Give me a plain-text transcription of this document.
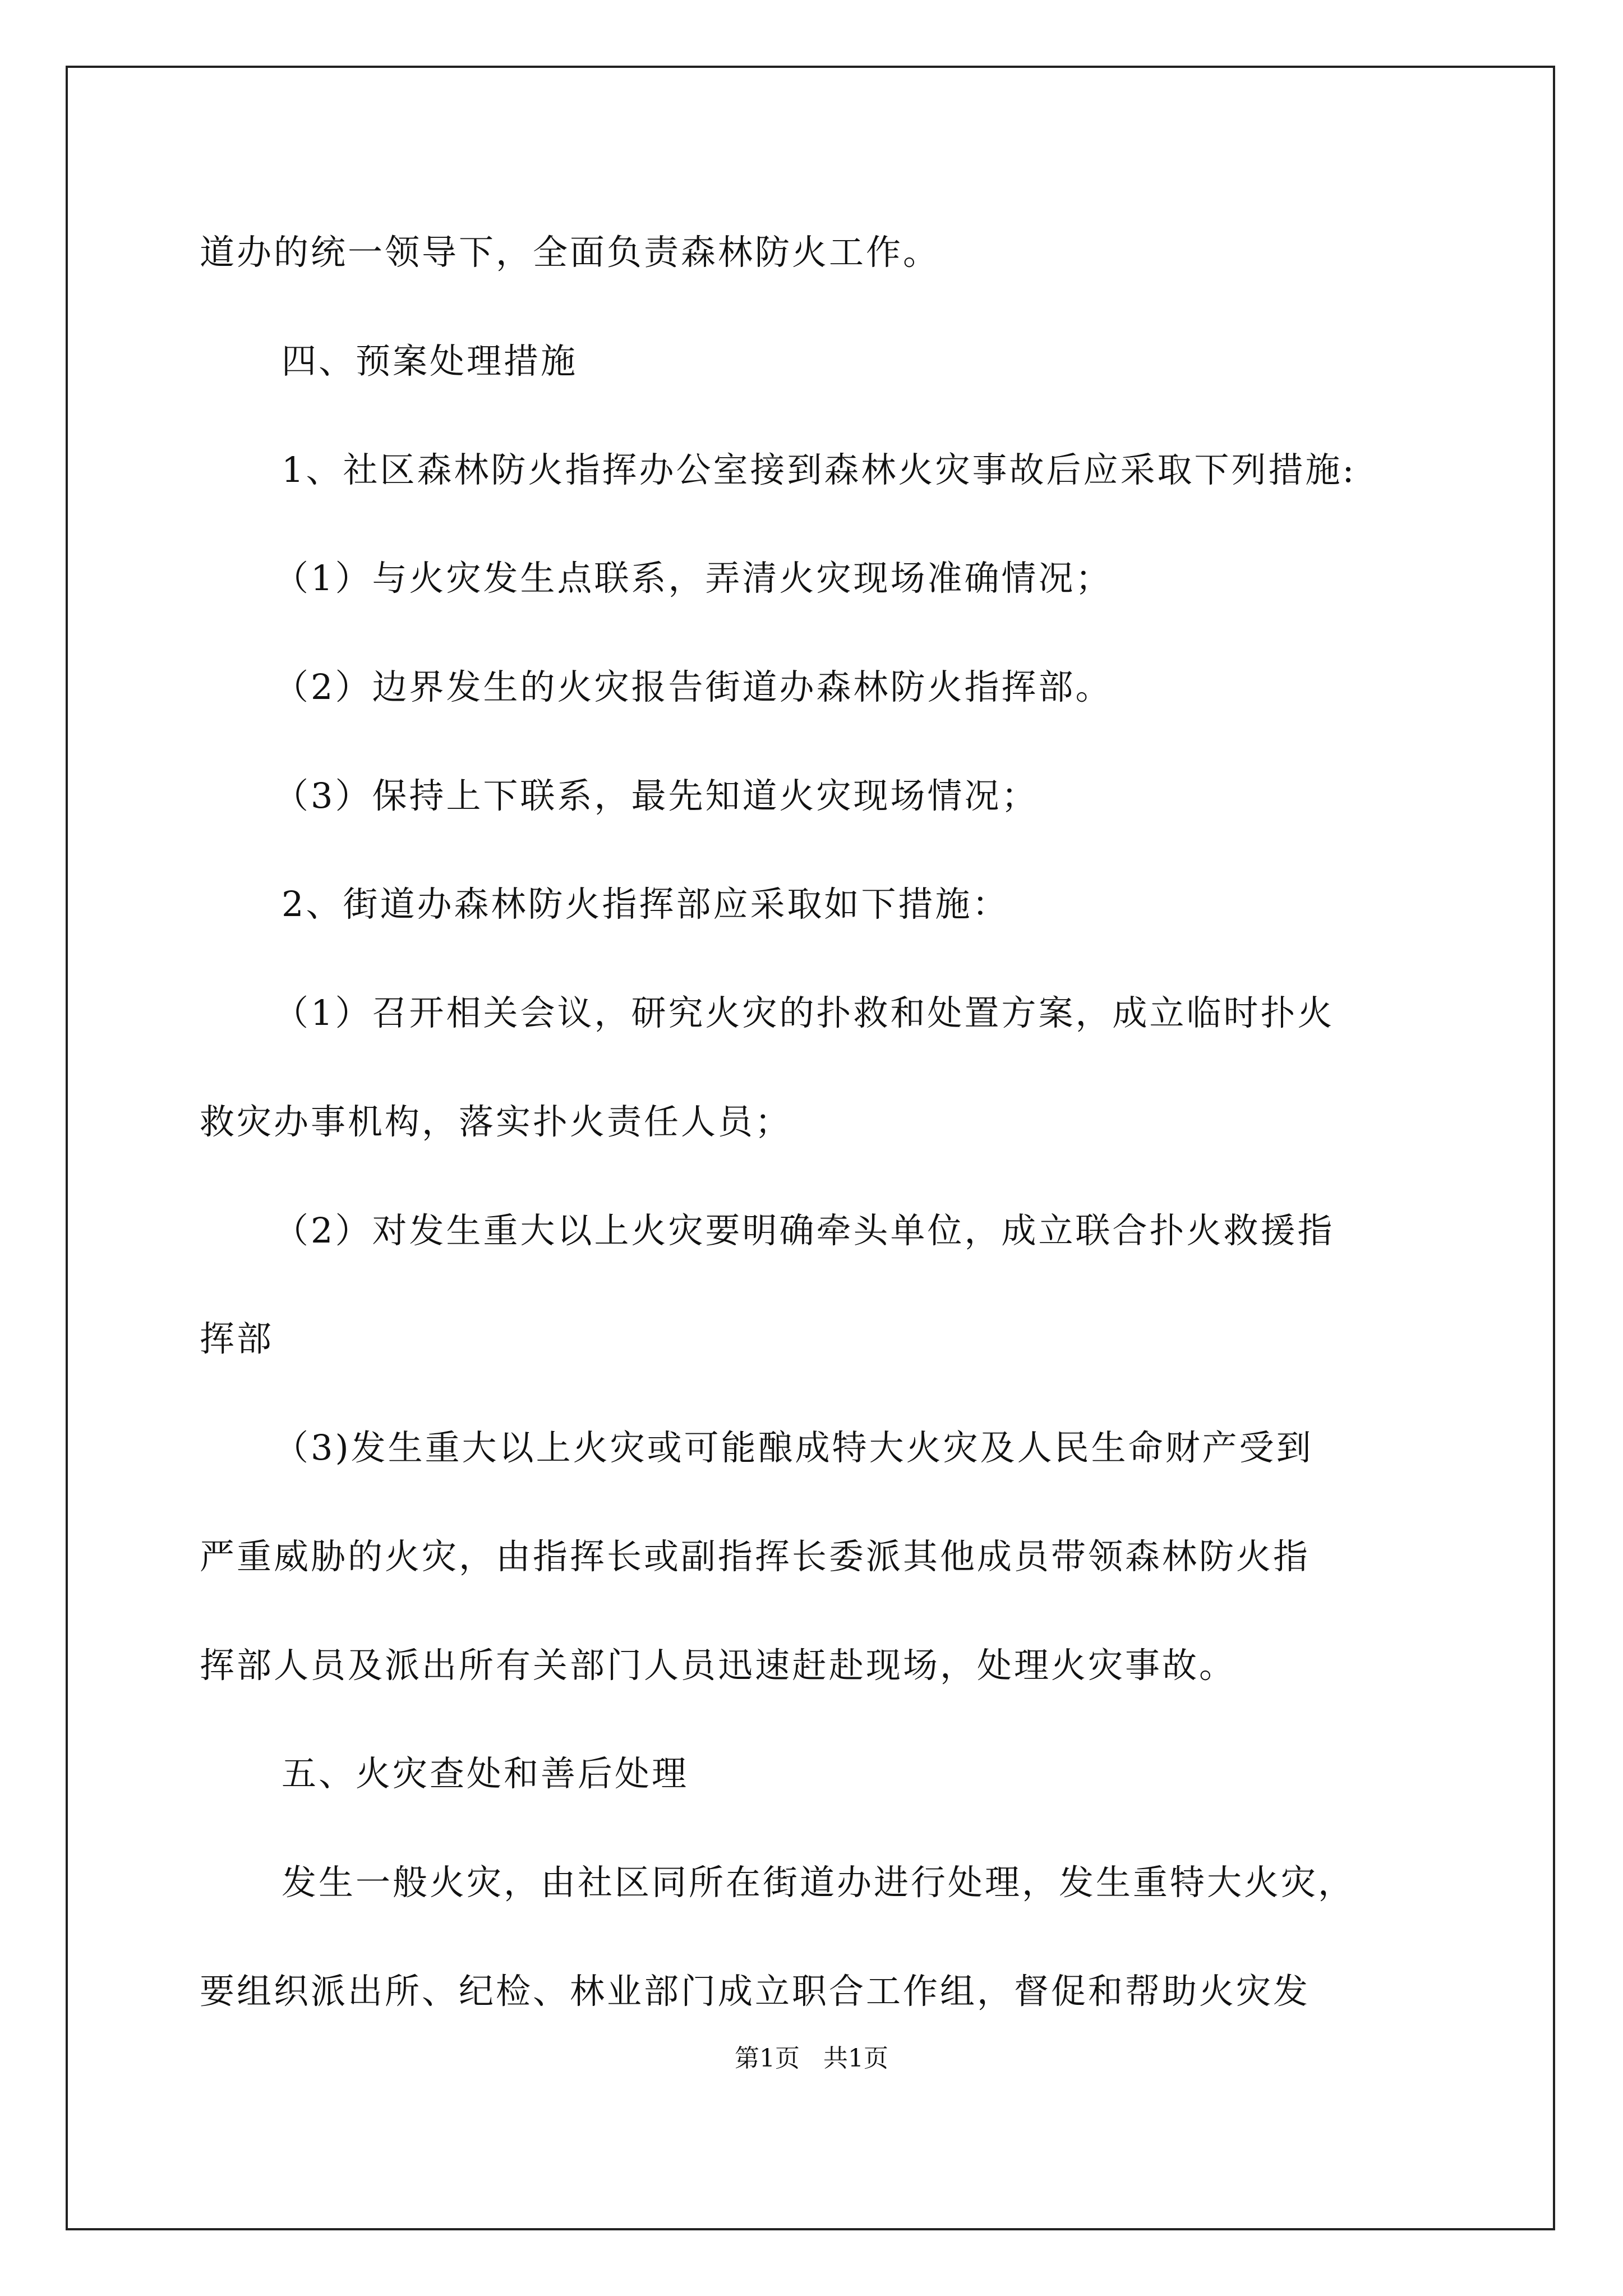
道办的统一领导下，全面负责森林防火工作。
四、预案处理措施
1、社区森林防火指挥办公室接到森林火灾事故后应采取下列措施:
（1）与火灾发生点联系，弄清火灾现场准确情况；
（2）边界发生的火灾报告街道办森林防火指挥部。
（3）保持上下联系，最先知道火灾现场情况；
2、街道办森林防火指挥部应采取如下措施：
（1）召开相关会议，研究火灾的扑救和处置方案，成立临时扑火
救灾办事机构，落实扑火责任人员；
（2）对发生重大以上火灾要明确牵头单位，成立联合扑火救援指
挥部
（3)发生重大以上火灾或可能酿成特大火灾及人民生命财产受到
严重威胁的火灾，由指挥长或副指挥长委派其他成员带领森林防火指
挥部人员及派出所有关部门人员迅速赶赴现场，处理火灾事故。
五、火灾查处和善后处理
发生一般火灾，由社区同所在街道办进行处理，发生重特大火灾，
要组织派出所、纪检、林业部门成立职合工作组，督促和帮助火灾发
第1页 共1页
